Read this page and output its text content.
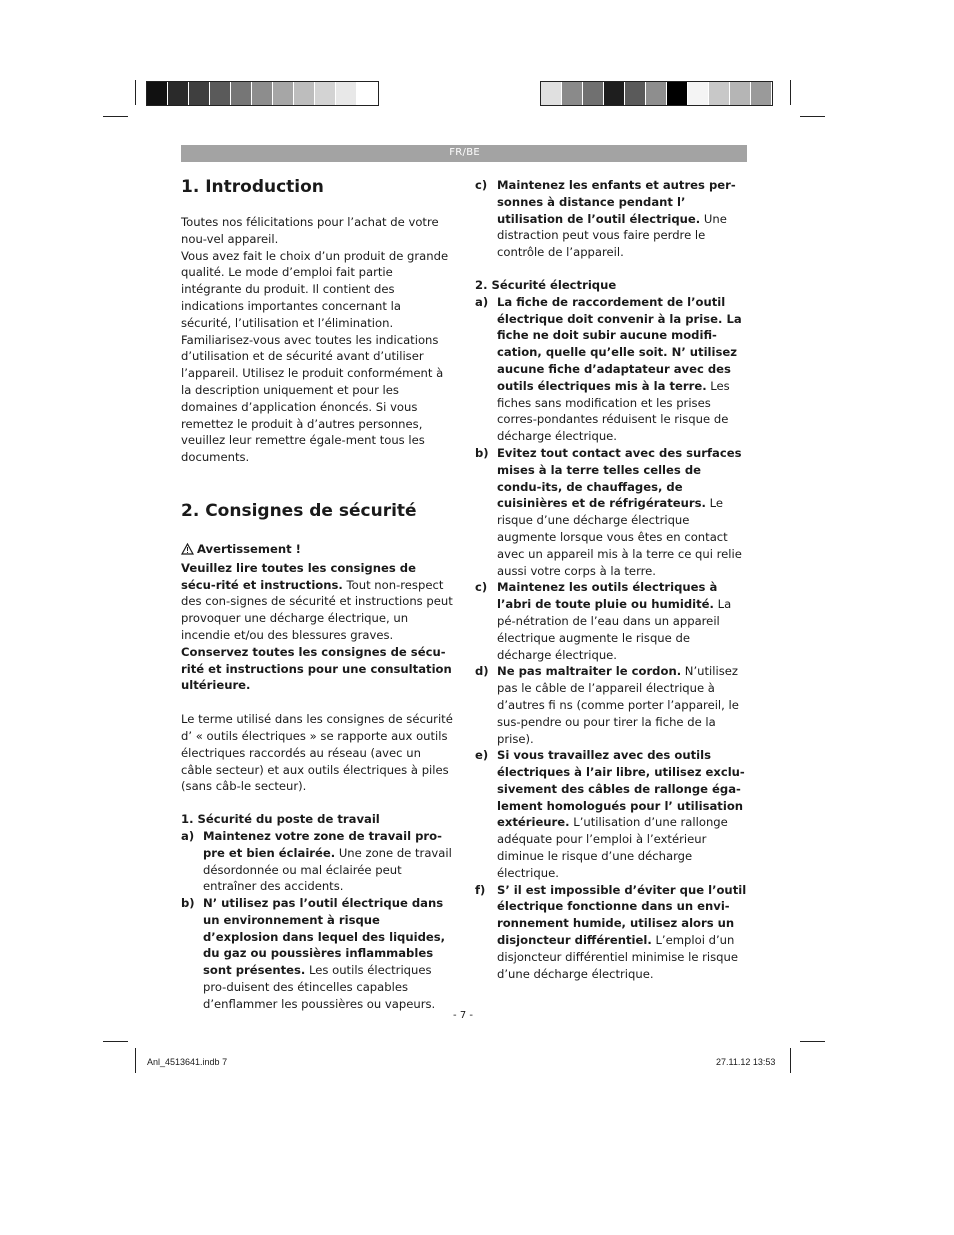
FR/BE
1. Introduction

Toutes nos félicitations pour l’achat de votre nou-vel appareil.

Vous avez fait le choix d’un produit de grande qualité. Le mode d’emploi fait partie intégrante du produit. Il contient des indications importantes concernant la sécurité, l’utilisation et l’élimination. Familiarisez-vous avec toutes les indications d’utilisation et de sécurité avant d’utiliser l’appareil. Utilisez le produit conformément à la description uniquement et pour les domaines d’application énoncés. Si vous remettez le produit à d’autres personnes, veuillez leur remettre égale-ment tous les documents.

2. Consignes de sécurité

Avertissement !

Veuillez lire toutes les consignes de sécu-rité et instructions. Tout non-respect des con-signes de sécurité et instructions peut provoquer une décharge électrique, un incendie et/ou des blessures graves.

Conservez toutes les consignes de sécu-rité et instructions pour une consultation ultérieure.

Le terme utilisé dans les consignes de sécurité d’ « outils électriques » se rapporte aux outils électriques raccordés au réseau (avec un câble secteur) et aux outils électriques à piles (sans câb-le secteur).

1. Sécurité du poste de travail

a) Maintenez votre zone de travail pro-pre et bien éclairée. Une zone de travail désordonnée ou mal éclairée peut entraîner des accidents.
b) N’ utilisez pas l’outil électrique dans un environnement à risque d’explosion dans lequel des liquides, du gaz ou poussières inflammables sont présentes. Les outils électriques pro-duisent des étincelles capables d’enflammer les poussières ou vapeurs.
c) Maintenez les enfants et autres per-sonnes à distance pendant l’ utilisation de l’outil électrique. Une distraction peut vous faire perdre le contrôle de l’appareil.

2. Sécurité électrique

a) La fiche de raccordement de l’outil électrique doit convenir à la prise. La fiche ne doit subir aucune modifi-cation, quelle qu’elle soit. N’ utilisez aucune fiche d’adaptateur avec des outils électriques mis à la terre. Les fiches sans modification et les prises corres-pondantes réduisent le risque de décharge électrique.
b) Evitez tout contact avec des surfaces mises à la terre telles celles de condu-its, de chauffages, de cuisinières et de réfrigérateurs. Le risque d’une décharge électrique augmente lorsque vous êtes en contact avec un appareil mis à la terre ce qui relie aussi votre corps à la terre.
c) Maintenez les outils électriques à l’abri de toute pluie ou humidité. La pé-nétration de l’eau dans un appareil électrique augmente le risque de décharge électrique.
d) Ne pas maltraiter le cordon. N’utilisez pas le câble de l’appareil électrique à d’autres fi ns (comme porter l’appareil, le sus-pendre ou pour tirer la fiche de la prise).
e) Si vous travaillez avec des outils électriques à l’air libre, utilisez exclu-sivement des câbles de rallonge éga-lement homologués pour l’ utilisation extérieure. L’utilisation d’une rallonge adéquate pour l’emploi à l’extérieur diminue le risque d’une décharge électrique.
f) S’ il est impossible d’éviter que l’outil électrique fonctionne dans un envi-ronnement humide, utilisez alors un disjoncteur différentiel. L’emploi d’un disjoncteur différentiel minimise le risque d’une décharge électrique.
- 7 -
Anl_4513641.indb 7	27.11.12 13:53
